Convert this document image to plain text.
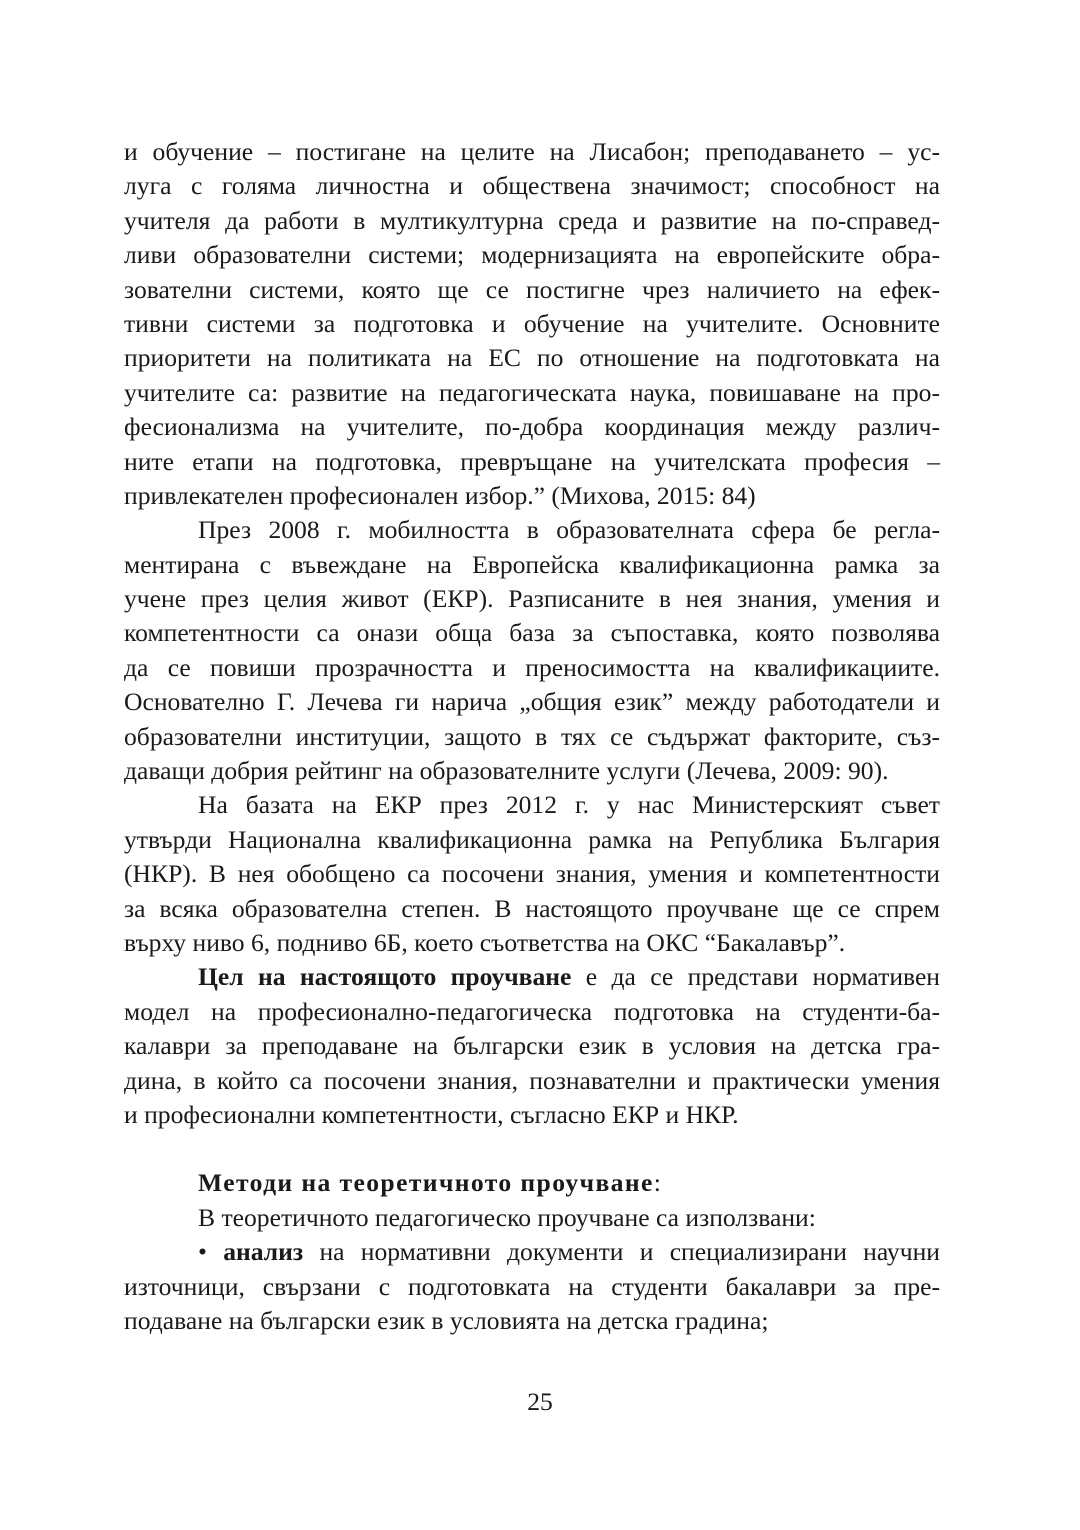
и обучение – постигане на целите на Лисабон; преподаването – ус-
луга с голяма личностна и обществена значимост; способност на
учителя да работи в мултикултурна среда и развитие на по-справед-
ливи образователни системи; модернизацията на европейските обра-
зователни системи, която ще се постигне чрез наличието на ефек-
тивни системи за подготовка и обучение на учителите. Основните
приоритети на политиката на ЕС по отношение на подготовката на
учителите са: развитие на педагогическата наука, повишаване на про-
фесионализма на учителите, по-добра координация между различ-
ните етапи на подготовка, превръщане на учителската професия –
привлекателен професионален избор.” (Михова, 2015: 84)
През 2008 г. мобилността в образователната сфера бе регла-
ментирана с въвеждане на Европейска квалификационна рамка за
учене през целия живот (ЕКР). Разписаните в нея знания, умения и
компетентности са онази обща база за съпоставка, която позволява
да се повиши прозрачността и преносимостта на квалификациите.
Основателно Г. Лечева ги нарича „общия език” между работодатели и
образователни институции, защото в тях се съдържат факторите, съз-
даващи добрия рейтинг на образователните услуги (Лечева, 2009: 90).
На базата на ЕКР през 2012 г. у нас Министерският съвет
утвърди Национална квалификационна рамка на Република България
(НКР). В нея обобщено са посочени знания, умения и компетентности
за всяка образователна степен. В настоящото проучване ще се спрем
върху ниво 6, подниво 6Б, което съответства на ОКС “Бакалавър”.
Цел на настоящото проучване е да се представи нормативен
модел на професионално-педагогическа подготовка на студенти-ба-
калаври за преподаване на български език в условия на детска гра-
дина, в който са посочени знания, познавателни и практически умения
и професионални компетентности, съгласно ЕКР и НКР.
Методи на теоретичното проучване:
В теоретичното педагогическо проучване са използвани:
• анализ на нормативни документи и специализирани научни
източници, свързани с подготовката на студенти бакалаври за пре-
подаване на български език в условията на детска градина;
25
